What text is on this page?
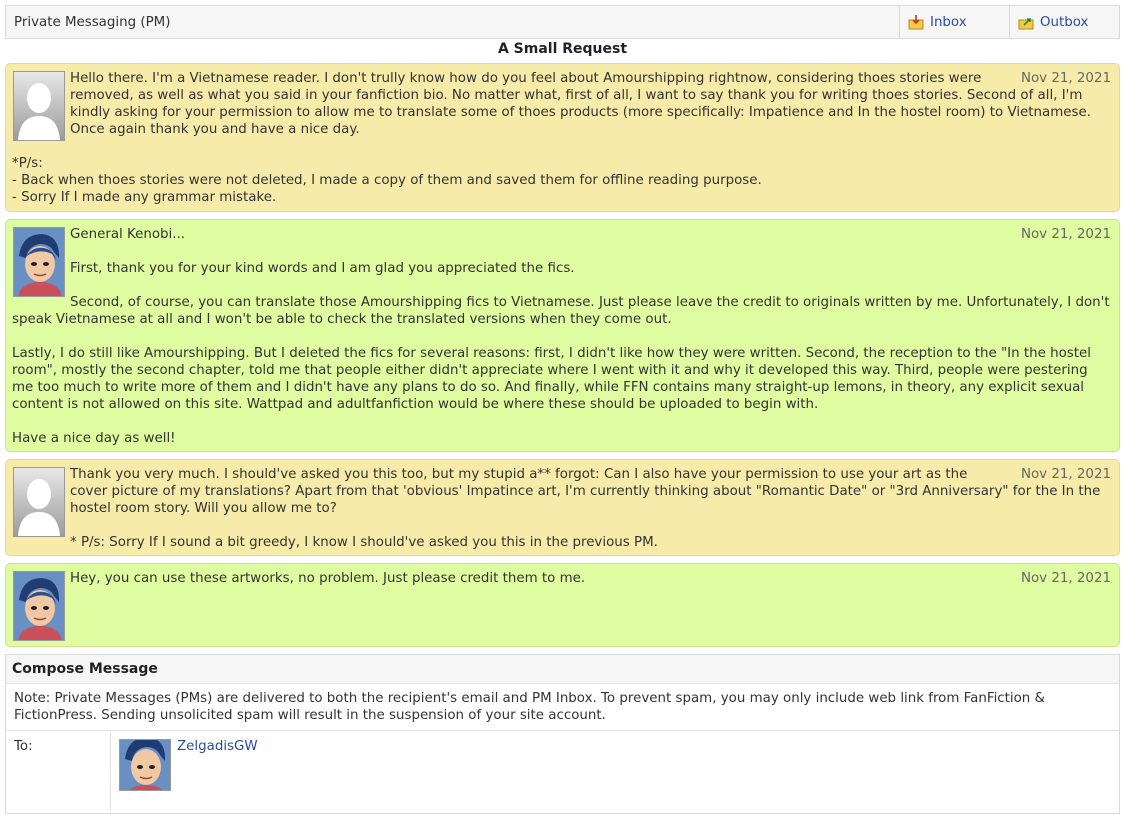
Private Messaging (PM)	Inbox	Outbox
A Small Request
Nov 21, 2021

Hello there. I'm a Vietnamese reader. I don't trully know how do you feel about Amourshipping rightnow, considering thoes stories were removed, as well as what you said in your fanfiction bio. No matter what, first of all, I want to say thank you for writing thoes stories. Second of all, I'm kindly asking for your permission to allow me to translate some of thoes products (more specifically: Impatience and In the hostel room) to Vietnamese. Once again thank you and have a nice day.

*P/s:

- Back when thoes stories were not deleted, I made a copy of them and saved them for offline reading purpose.

- Sorry If I made any grammar mistake.

Nov 21, 2021

General Kenobi...

First, thank you for your kind words and I am glad you appreciated the fics.

Second, of course, you can translate those Amourshipping fics to Vietnamese. Just please leave the credit to originals written by me. Unfortunately, I don't speak Vietnamese at all and I won't be able to check the translated versions when they come out.

Lastly, I do still like Amourshipping. But I deleted the fics for several reasons: first, I didn't like how they were written. Second, the reception to the "In the hostel room", mostly the second chapter, told me that people either didn't appreciate where I went with it and why it developed this way. Third, people were pestering me too much to write more of them and I didn't have any plans to do so. And finally, while FFN contains many straight-up lemons, in theory, any explicit sexual content is not allowed on this site. Wattpad and adultfanfiction would be where these should be uploaded to begin with.

Have a nice day as well!

Nov 21, 2021

Thank you very much. I should've asked you this too, but my stupid a** forgot: Can I also have your permission to use your art as the cover picture of my translations? Apart from that 'obvious' Impatince art, I'm currently thinking about "Romantic Date" or "3rd Anniversary" for the In the hostel room story. Will you allow me to?

* P/s: Sorry If I sound a bit greedy, I know I should've asked you this in the previous PM.

Nov 21, 2021

Hey, you can use these artworks, no problem. Just please credit them to me.

Compose Message
Note: Private Messages (PMs) are delivered to both the recipient's email and PM Inbox. To prevent spam, you may only include web link from FanFiction & FictionPress. Sending unsolicited spam will result in the suspension of your site account.
To:	ZelgadisGW
